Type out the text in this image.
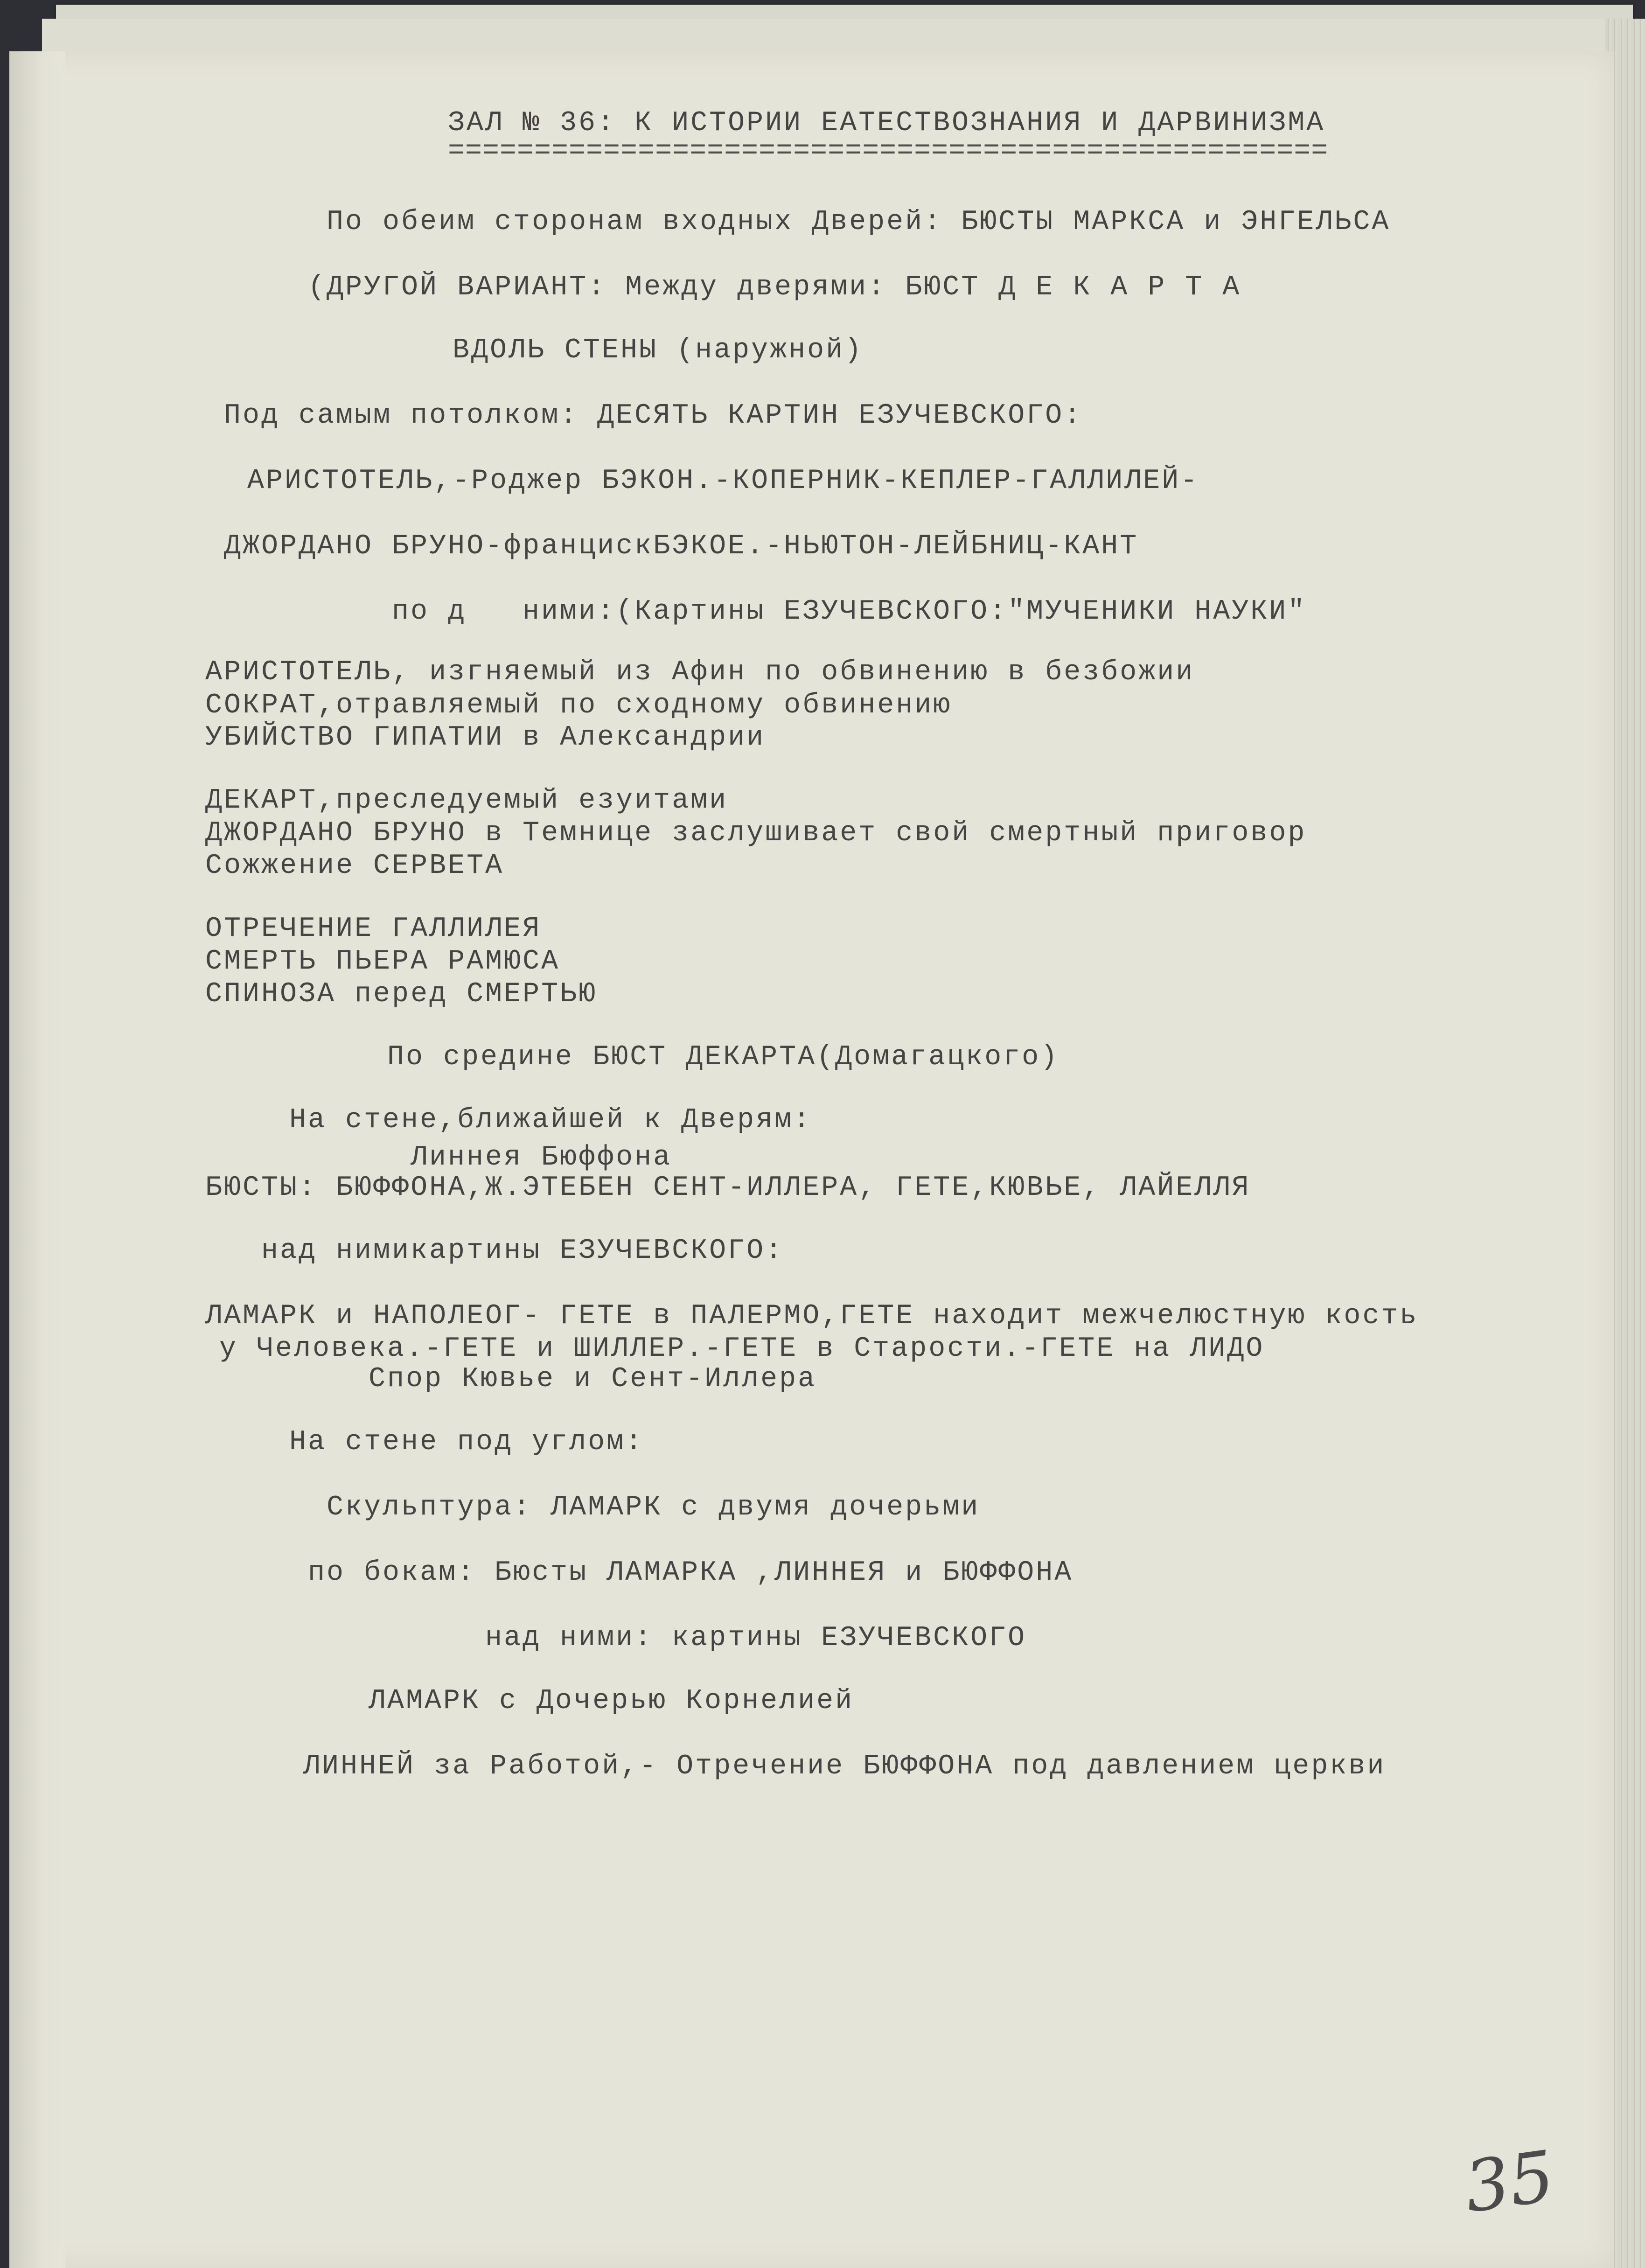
ЗАЛ № 36: К ИСТОРИИ ЕАТЕСТВОЗНАНИЯ И ДАРВИНИЗМА
===================================================
По обеим сторонам входных Дверей: БЮСТЫ МАРКСА и ЭНГЕЛЬСА
(ДРУГОЙ ВАРИАНТ: Между дверями: БЮСТ Д Е К А Р Т А
ВДОЛЬ СТЕНЫ (наружной)
Под самым потолком: ДЕСЯТЬ КАРТИН ЕЗУЧЕВСКОГО:
АРИСТОТЕЛЬ,-Роджер БЭКОН.-КОПЕРНИК-КЕПЛЕР-ГАЛЛИЛЕЙ-
ДЖОРДАНО БРУНО-францискБЭКОЕ.-НЬЮТОН-ЛЕЙБНИЦ-КАНТ
по д   ними:(Картины ЕЗУЧЕВСКОГО:"МУЧЕНИКИ НАУКИ"
АРИСТОТЕЛЬ, изгняемый из Афин по обвинению в безбожии
СОКРАТ,отравляемый по сходному обвинению
УБИЙСТВО ГИПАТИИ в Александрии
ДЕКАРТ,преследуемый езуитами
ДЖОРДАНО БРУНО в Темнице заслушивает свой смертный приговор
Сожжение СЕРВЕТА
ОТРЕЧЕНИЕ ГАЛЛИЛЕЯ
СМЕРТЬ ПЬЕРА РАМЮСА
СПИНОЗА перед СМЕРТЬЮ
По средине БЮСТ ДЕКАРТА(Домагацкого)
На стене,ближайшей к Дверям:
Линнея Бюффона
БЮСТЫ: БЮФФОНА,Ж.ЭТЕБЕН СЕНТ-ИЛЛЕРА, ГЕТЕ,КЮВЬЕ, ЛАЙЕЛЛЯ
над нимикартины ЕЗУЧЕВСКОГО:
ЛАМАРК и НАПОЛЕОГ- ГЕТЕ в ПАЛЕРМО,ГЕТЕ находит межчелюстную кость
у Человека.-ГЕТЕ и ШИЛЛЕР.-ГЕТЕ в Старости.-ГЕТЕ на ЛИДО
Спор Кювье и Сент-Иллера
На стене под углом:
Скульптура: ЛАМАРК с двумя дочерьми
по бокам: Бюсты ЛАМАРКА ,ЛИННЕЯ и БЮФФОНА
над ними: картины ЕЗУЧЕВСКОГО
ЛАМАРК с Дочерью Корнелией
ЛИННЕЙ за Работой,- Отречение БЮФФОНА под давлением церкви
35
